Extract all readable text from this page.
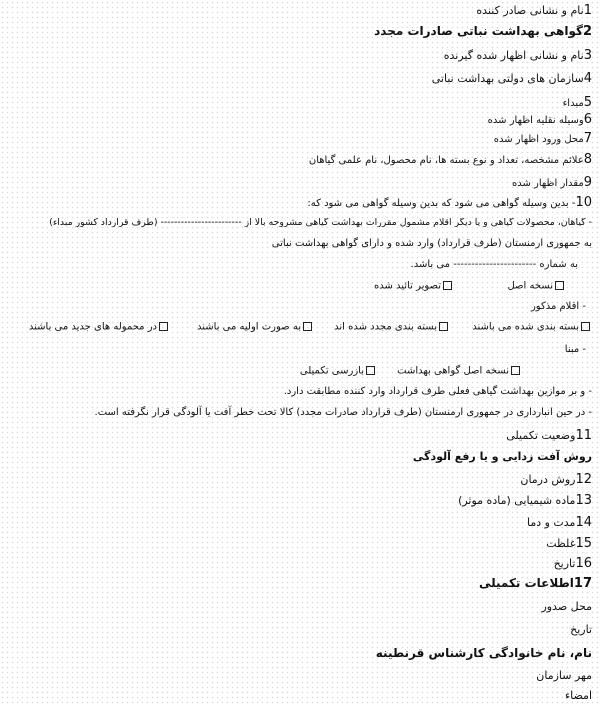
1نام و نشانی صادر کننده
2گواهی بهداشت نباتی صادرات مجدد
3نام و نشانی اظهار شده گیرنده
4سازمان های دولتی بهداشت نباتی
5مبداء
6وسیله نقلیه اظهار شده
7محل ورود اظهار شده
8علائم مشخصه، تعداد و نوع بسته ها، نام محصول، نام علمی گیاهان
9مقدار اظهار شده
10- بدین وسیله گواهی می شود که بدین وسیله گواهی می شود که:
- گیاهان، محصولات گیاهی و یا دیگر اقلام مشمول مقررات بهداشت گیاهی مشروحه بالا از ------------------------ (طرف قرارداد کشور مبداء)
به جمهوری ارمنستان (طرف قرارداد) وارد شده و دارای گواهی بهداشت نباتی
به شماره ----------------------- می باشد.
نسخه اصل
تصویر تائید شده
- اقلام مذکور
بسته بندی شده می باشند
بسته بندی مجدد شده اند
به صورت اولیه می باشند
در محموله های جدید می باشند
- مبنا
نسخه اصل گواهی بهداشت
بازرسی تکمیلی
- و بر موازین بهداشت گیاهی فعلی طرف قرارداد وارد کننده مطابقت دارد.
- در حین انبارداری در جمهوری ارمنستان (طرف قرارداد صادرات مجدد) کالا تحت خطر آفت یا آلودگی قرار نگرفته است.
11وضعیت تکمیلی
روش آفت زدایی و یا رفع آلودگی
12روش درمان
13ماده شیمیایی (ماده موثر)
14مدت و دما
15غلظت
16تاریخ
17اطلاعات تکمیلی
محل صدور
تاریخ
نام، نام خانوادگی کارشناس قرنطینه
مهر سازمان
امضاء
